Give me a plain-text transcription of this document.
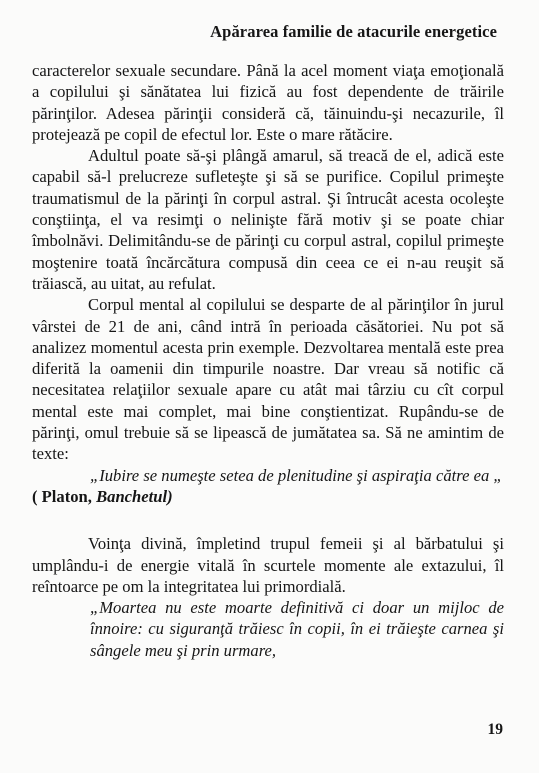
Apărarea familie de atacurile energetice

caracterelor sexuale secundare. Până la acel moment viaţa emoţională a copilului şi sănătatea lui fizică au fost dependente de trăirile părinţilor. Adesea părinţii consideră că, tăinuindu-şi necazurile, îl protejează pe copil de efectul lor. Este o mare rătăcire.

Adultul poate să-şi plângă amarul, să treacă de el, adică este capabil să-l prelucreze sufleteşte şi să se purifice. Copilul primeşte traumatismul de la părinţi în corpul astral. Şi întrucât acesta ocoleşte conştiinţa, el va resimţi o nelinişte fără motiv şi se poate chiar îmbolnăvi. Delimitându-se de părinţi cu corpul astral, copilul primeşte moştenire toată încărcătura compusă din ceea ce ei n-au reuşit să trăiască, au uitat, au refulat.

Corpul mental al copilului se desparte de al părinţilor în jurul vârstei de 21 de ani, când intră în perioada căsătoriei. Nu pot să analizez momentul acesta prin exemple. Dezvoltarea mentală este prea diferită la oamenii din timpurile noastre. Dar vreau să notific că necesitatea relaţiilor sexuale apare cu atât mai târziu cu cît corpul mental este mai complet, mai bine conştientizat. Rupându-se de părinţi, omul trebuie să se lipească de jumătatea sa. Să ne amintim de texte:

„Iubire se numeşte setea de plenitudine şi aspiraţia către ea „

( Platon, Banchetul)

Voinţa divină, împletind trupul femeii şi al bărbatului şi umplându-i de energie vitală în scurtele momente ale extazului, îl reîntoarce pe om la integritatea lui primordială.

„Moartea nu este moarte definitivă ci doar un mijloc de înnoire: cu siguranţă trăiesc în copii, în ei trăieşte carnea şi sângele meu şi prin urmare,

19
